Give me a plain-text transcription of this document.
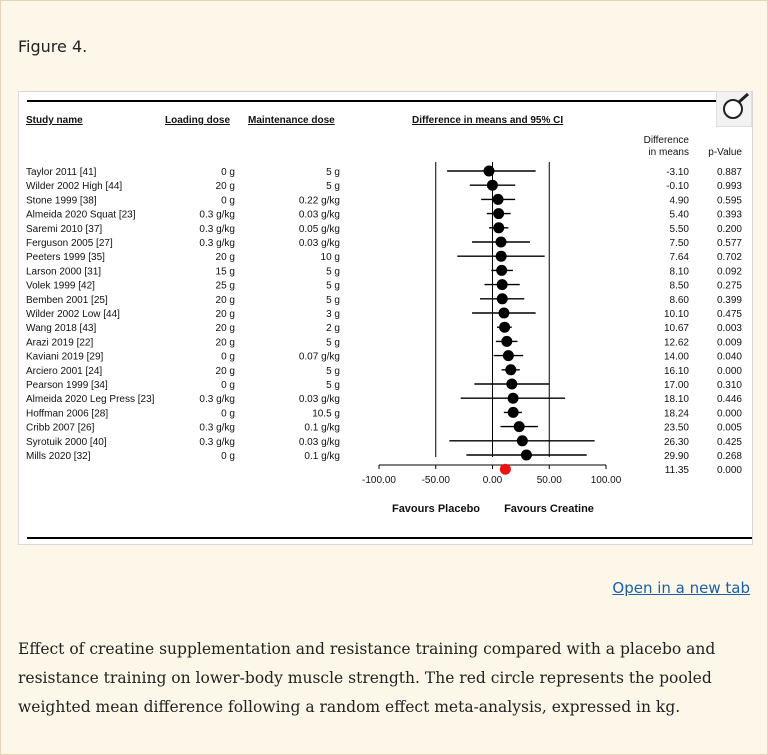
Figure 4.
Study name	Loading dose Maintenance dose	Difference in means and 95% CI
Difference
in means p-Value
Taylor 2011 [41]	0 g	5 g	-3.10	0.887
Wilder 2002 High [44]	20 g	5 g	-0.10	0.993
Stone 1999 [38]	0 g	0.22 g/kg	4.90	0.595
Almeida 2020 Squat [23]	0.3 g/kg	0.03 g/kg	5.40	0.393
Saremi 2010 [37]	0.3 g/kg	0.05 g/kg	5.50	0.200
Ferguson 2005 [27]	0.3 g/kg	0.03 g/kg	7.50	0.577
Peeters 1999 [35]	20 g	10 g	7.64	0.702
Larson 2000 [31]	15 g	5 g	8.10	0.092
Volek 1999 [42]	25 g	5 g	8.50	0.275
Bemben 2001 [25]	20 g	5 g	8.60	0.399
Wilder 2002 Low [44]	20 g	3 g	10.10	0.475
Wang 2018 [43]	20 g	2 g	10.67	0.003
Arazi 2019 [22]	20 g	5 g	12.62	0.009
Kaviani 2019 [29]	0 g	0.07 g/kg	14.00	0.040
Arciero 2001 [24]	20 g	5 g	16.10	0.000
Pearson 1999 [34]	0 g	5 g	17.00	0.310
Almeida 2020 Leg Press [23]	0.3 g/kg	0.03 g/kg	18.10	0.446
Hoffman 2006 [28]	0 g	10.5 g	18.24	0.000
Cribb 2007 [26]	0.3 g/kg	0.1 g/kg	23.50	0.005
Syrotuik 2000 [40]	0.3 g/kg	0.03 g/kg	26.30	0.425
Mills 2020 [32]	0 g	0.1 g/kg	29.90	0.268
11.35	0.000
-100.00	-50.00	0.00	50.00	100.00
Favours Placebo Favours Creatine
Open in a new tab
Effect of creatine supplementation and resistance training compared with a placebo and resistance training on lower-body muscle strength. The red circle represents the pooled weighted mean difference following a random effect meta-analysis, expressed in kg.
